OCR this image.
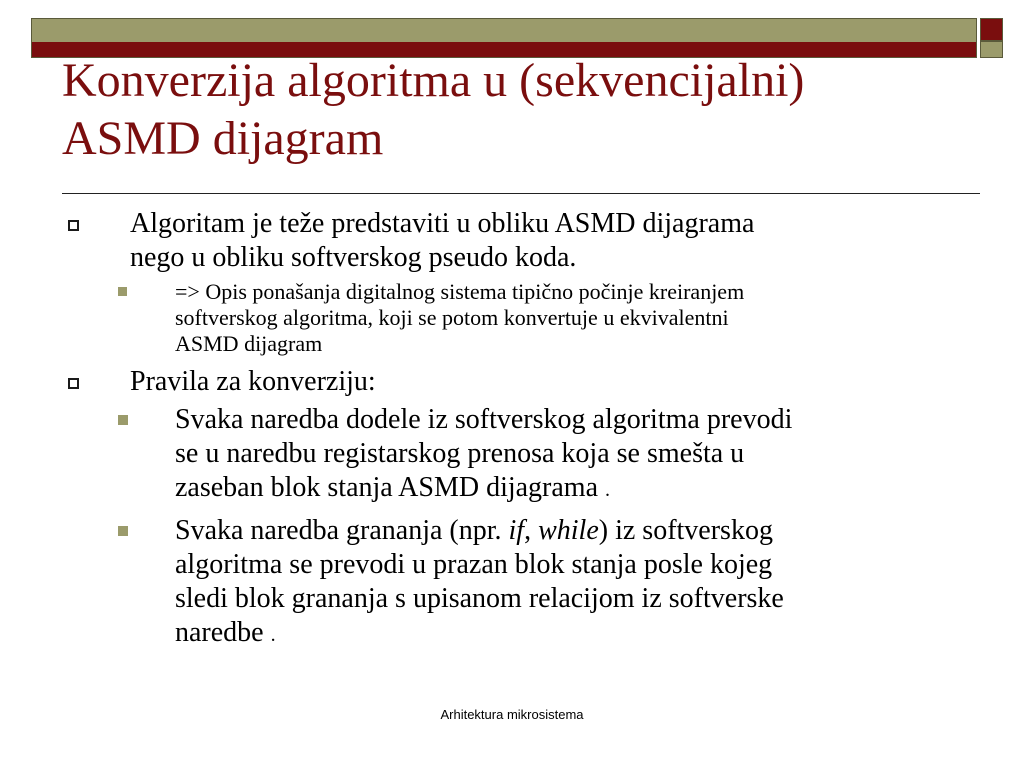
Konverzija algoritma u (sekvencijalni)
ASMD dijagram
Algoritam je teže predstaviti u obliku ASMD dijagrama
nego u obliku softverskog pseudo koda.
=> Opis ponašanja digitalnog sistema tipično počinje kreiranjem
softverskog algoritma, koji se potom konvertuje u ekvivalentni
ASMD dijagram
Pravila za konverziju:
Svaka naredba dodele iz softverskog algoritma prevodi
se u naredbu registarskog prenosa koja se smešta u
zaseban blok stanja ASMD dijagrama .
Svaka naredba grananja (npr. if, while) iz softverskog
algoritma se prevodi u prazan blok stanja posle kojeg
sledi blok grananja s upisanom relacijom iz softverske
naredbe .
Arhitektura mikrosistema
